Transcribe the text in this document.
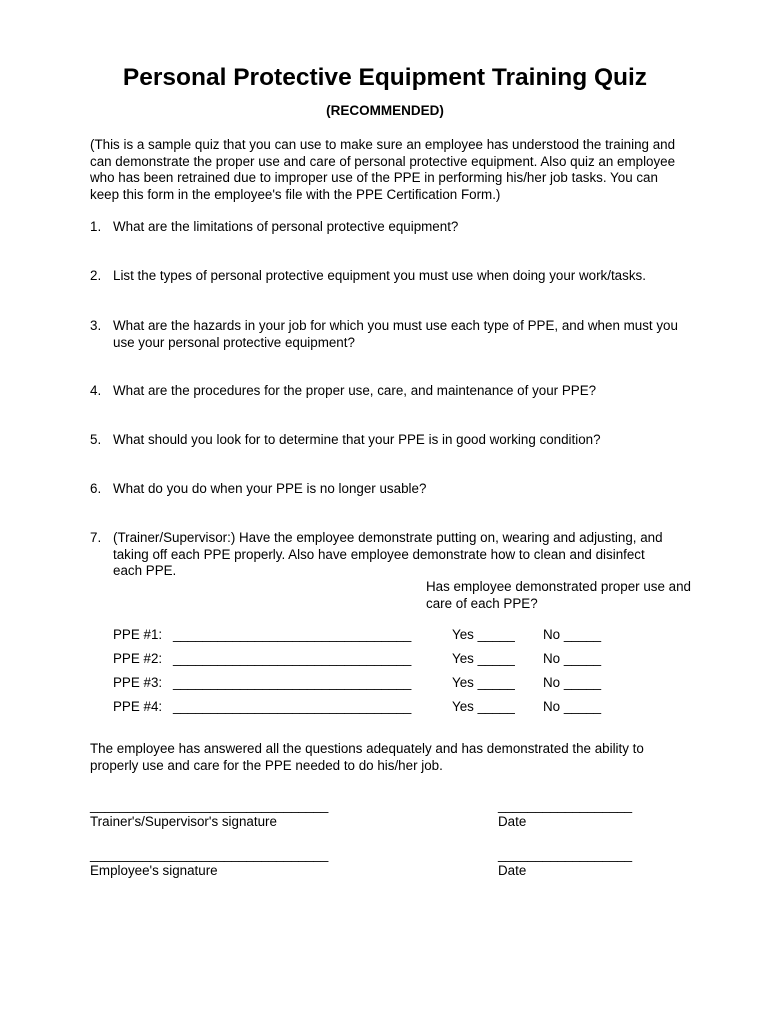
Personal Protective Equipment Training Quiz
(RECOMMENDED)
(This is a sample quiz that you can use to make sure an employee has understood the training and can demonstrate the proper use and care of personal protective equipment. Also quiz an employee who has been retrained due to improper use of the PPE in performing his/her job tasks. You can keep this form in the employee's file with the PPE Certification Form.)
1. What are the limitations of personal protective equipment?
2. List the types of personal protective equipment you must use when doing your work/tasks.
3. What are the hazards in your job for which you must use each type of PPE, and when must you use your personal protective equipment?
4. What are the procedures for the proper use, care, and maintenance of your PPE?
5. What should you look for to determine that your PPE is in good working condition?
6. What do you do when your PPE is no longer usable?
7. (Trainer/Supervisor:) Have the employee demonstrate putting on, wearing and adjusting, and taking off each PPE properly. Also have employee demonstrate how to clean and disinfect each PPE.
Has employee demonstrated proper use and care of each PPE?
PPE #1: ________________________________	Yes _____ No _____
PPE #2: ________________________________	Yes _____ No _____
PPE #3: ________________________________	Yes _____ No _____
PPE #4: ________________________________	Yes _____ No _____
The employee has answered all the questions adequately and has demonstrated the ability to properly use and care for the PPE needed to do his/her job.
________________________________
Trainer's/Supervisor's signature
__________________
Date
________________________________
Employee's signature
__________________
Date
